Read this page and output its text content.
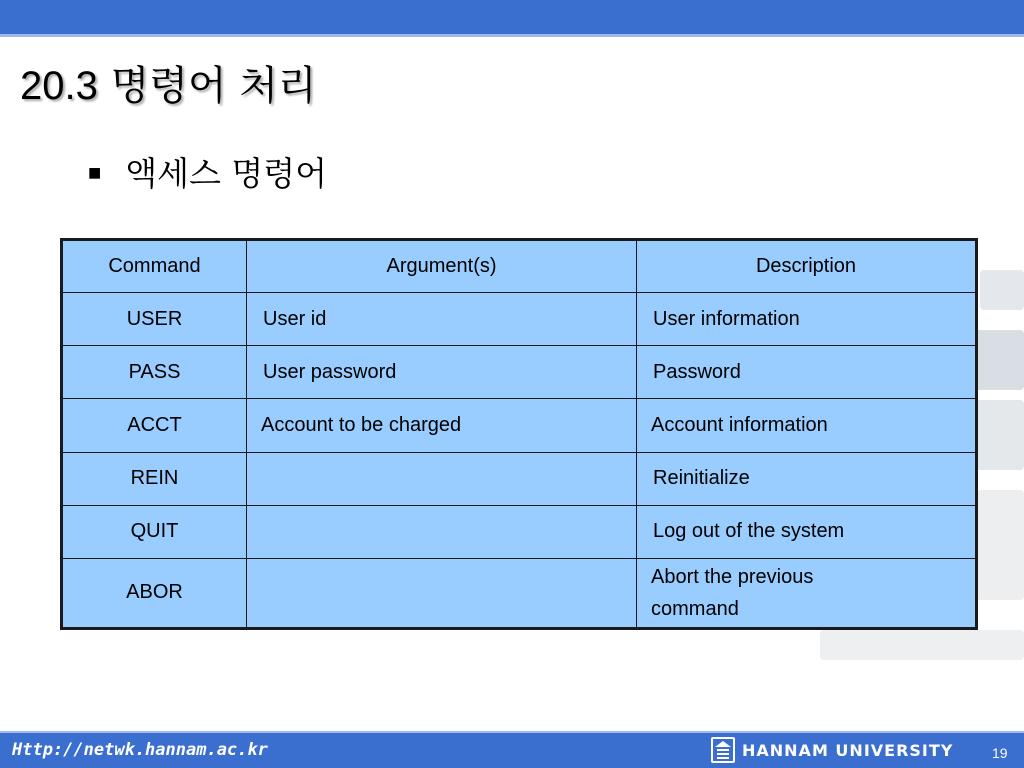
20.3 명령어 처리
■ 액세스 명령어
Command	Argument(s)	Description
USER	User id	User information
PASS	User password	Password
ACCT	Account to be charged	Account information
REIN		Reinitialize
QUIT		Log out of the system
ABOR		Abort the previous
command
Http://netwk.hannam.ac.kr	HANNAM UNIVERSITY	19
